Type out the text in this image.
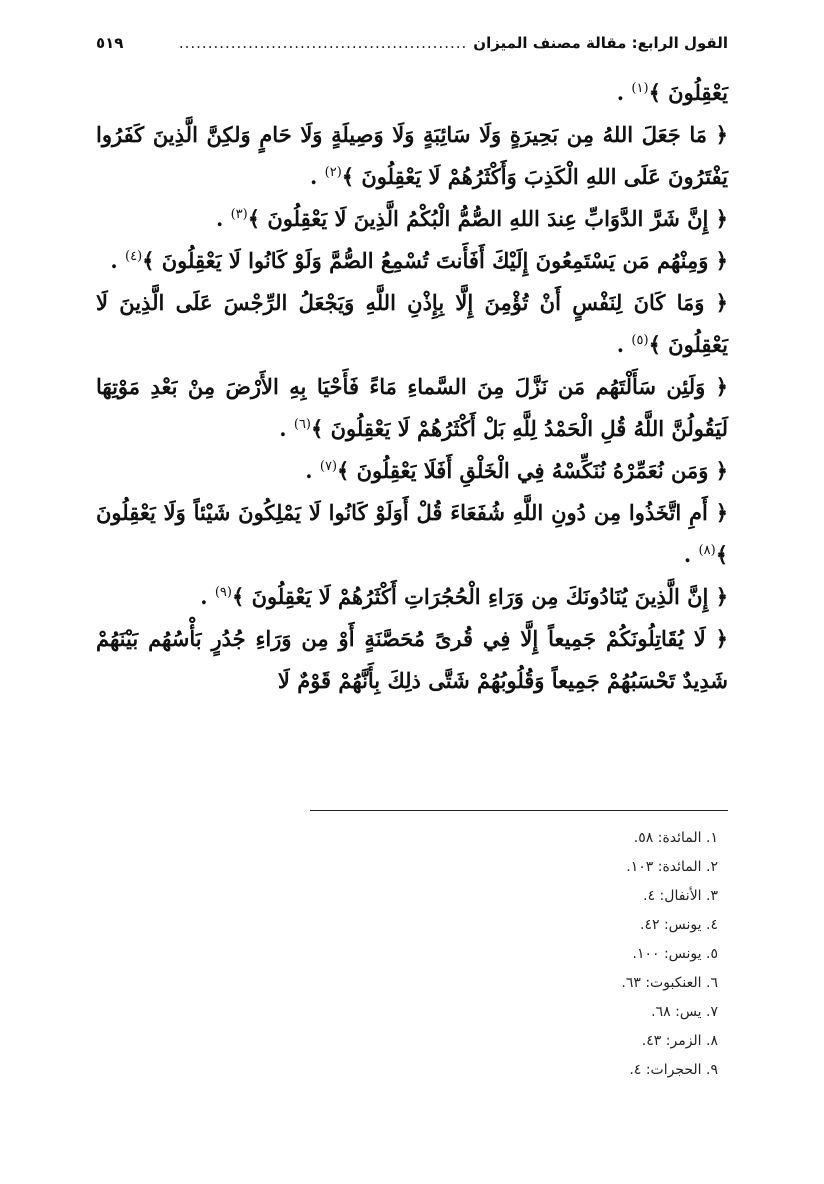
القول الرابع: مقالة مصنف الميزان
..................................................
٥١٩

يَعْقِلُونَ ﴾$^{(١)}$ .

﴿ مَا جَعَلَ اللهُ مِن بَحِيرَةٍ وَلَا سَائِبَةٍ وَلَا وَصِيلَةٍ وَلَا حَامٍ وَلكِنَّ الَّذِينَ كَفَرُوا يَفْتَرُونَ عَلَى اللهِ الْكَذِبَ وَأَكْثَرُهُمْ لَا يَعْقِلُونَ ﴾$^{(٢)}$ .

﴿ إِنَّ شَرَّ الدَّوَابِّ عِندَ اللهِ الصُّمُّ الْبُكْمُ الَّذِينَ لَا يَعْقِلُونَ ﴾$^{(٣)}$ .

﴿ وَمِنْهُم مَن يَسْتَمِعُونَ إِلَيْكَ أَفَأَنتَ تُسْمِعُ الصُّمَّ وَلَوْ كَانُوا لَا يَعْقِلُونَ ﴾$^{(٤)}$ .

﴿ وَمَا كَانَ لِنَفْسٍ أَنْ تُؤْمِنَ إِلَّا بِإِذْنِ اللَّهِ وَيَجْعَلُ الرِّجْسَ عَلَى الَّذِينَ لَا يَعْقِلُونَ ﴾$^{(٥)}$ .

﴿ وَلَئِن سَأَلْتَهُم مَن نَزَّلَ مِنَ السَّماءِ مَاءً فَأَحْيَا بِهِ الأَرْضَ مِنْ بَعْدِ مَوْتِهَا لَيَقُولُنَّ اللَّهُ قُلِ الْحَمْدُ لِلَّهِ بَلْ أَكْثَرُهُمْ لَا يَعْقِلُونَ ﴾$^{(٦)}$ .

﴿ وَمَن نُعَمِّرْهُ نُنَكِّسْهُ فِي الْخَلْقِ أَفَلَا يَعْقِلُونَ ﴾$^{(٧)}$ .

﴿ أَمِ اتَّخَذُوا مِن دُونِ اللَّهِ شُفَعَاءَ قُلْ أَوَلَوْ كَانُوا لَا يَمْلِكُونَ شَيْئاً وَلَا يَعْقِلُونَ ﴾$^{(٨)}$ .

﴿ إِنَّ الَّذِينَ يُنَادُونَكَ مِن وَرَاءِ الْحُجُرَاتِ أَكْثَرُهُمْ لَا يَعْقِلُونَ ﴾$^{(٩)}$ .

﴿ لَا يُقَاتِلُونَكُمْ جَمِيعاً إِلَّا فِي قُرىً مُحَصَّنَةٍ أَوْ مِن وَرَاءِ جُدُرٍ بَأْسُهُم بَيْنَهُمْ شَدِيدٌ تَحْسَبُهُمْ جَمِيعاً وَقُلُوبُهُمْ شَتَّى ذلِكَ بِأَنَّهُمْ قَوْمٌ لَا

١. المائدة: ٥٨.

٢. المائدة: ١٠٣.

٣. الأنفال: ٤.

٤. يونس: ٤٢.

٥. يونس: ١٠٠.

٦. العنكبوت: ٦٣.

٧. يس: ٦٨.

٨. الزمر: ٤٣.

٩. الحجرات: ٤.
